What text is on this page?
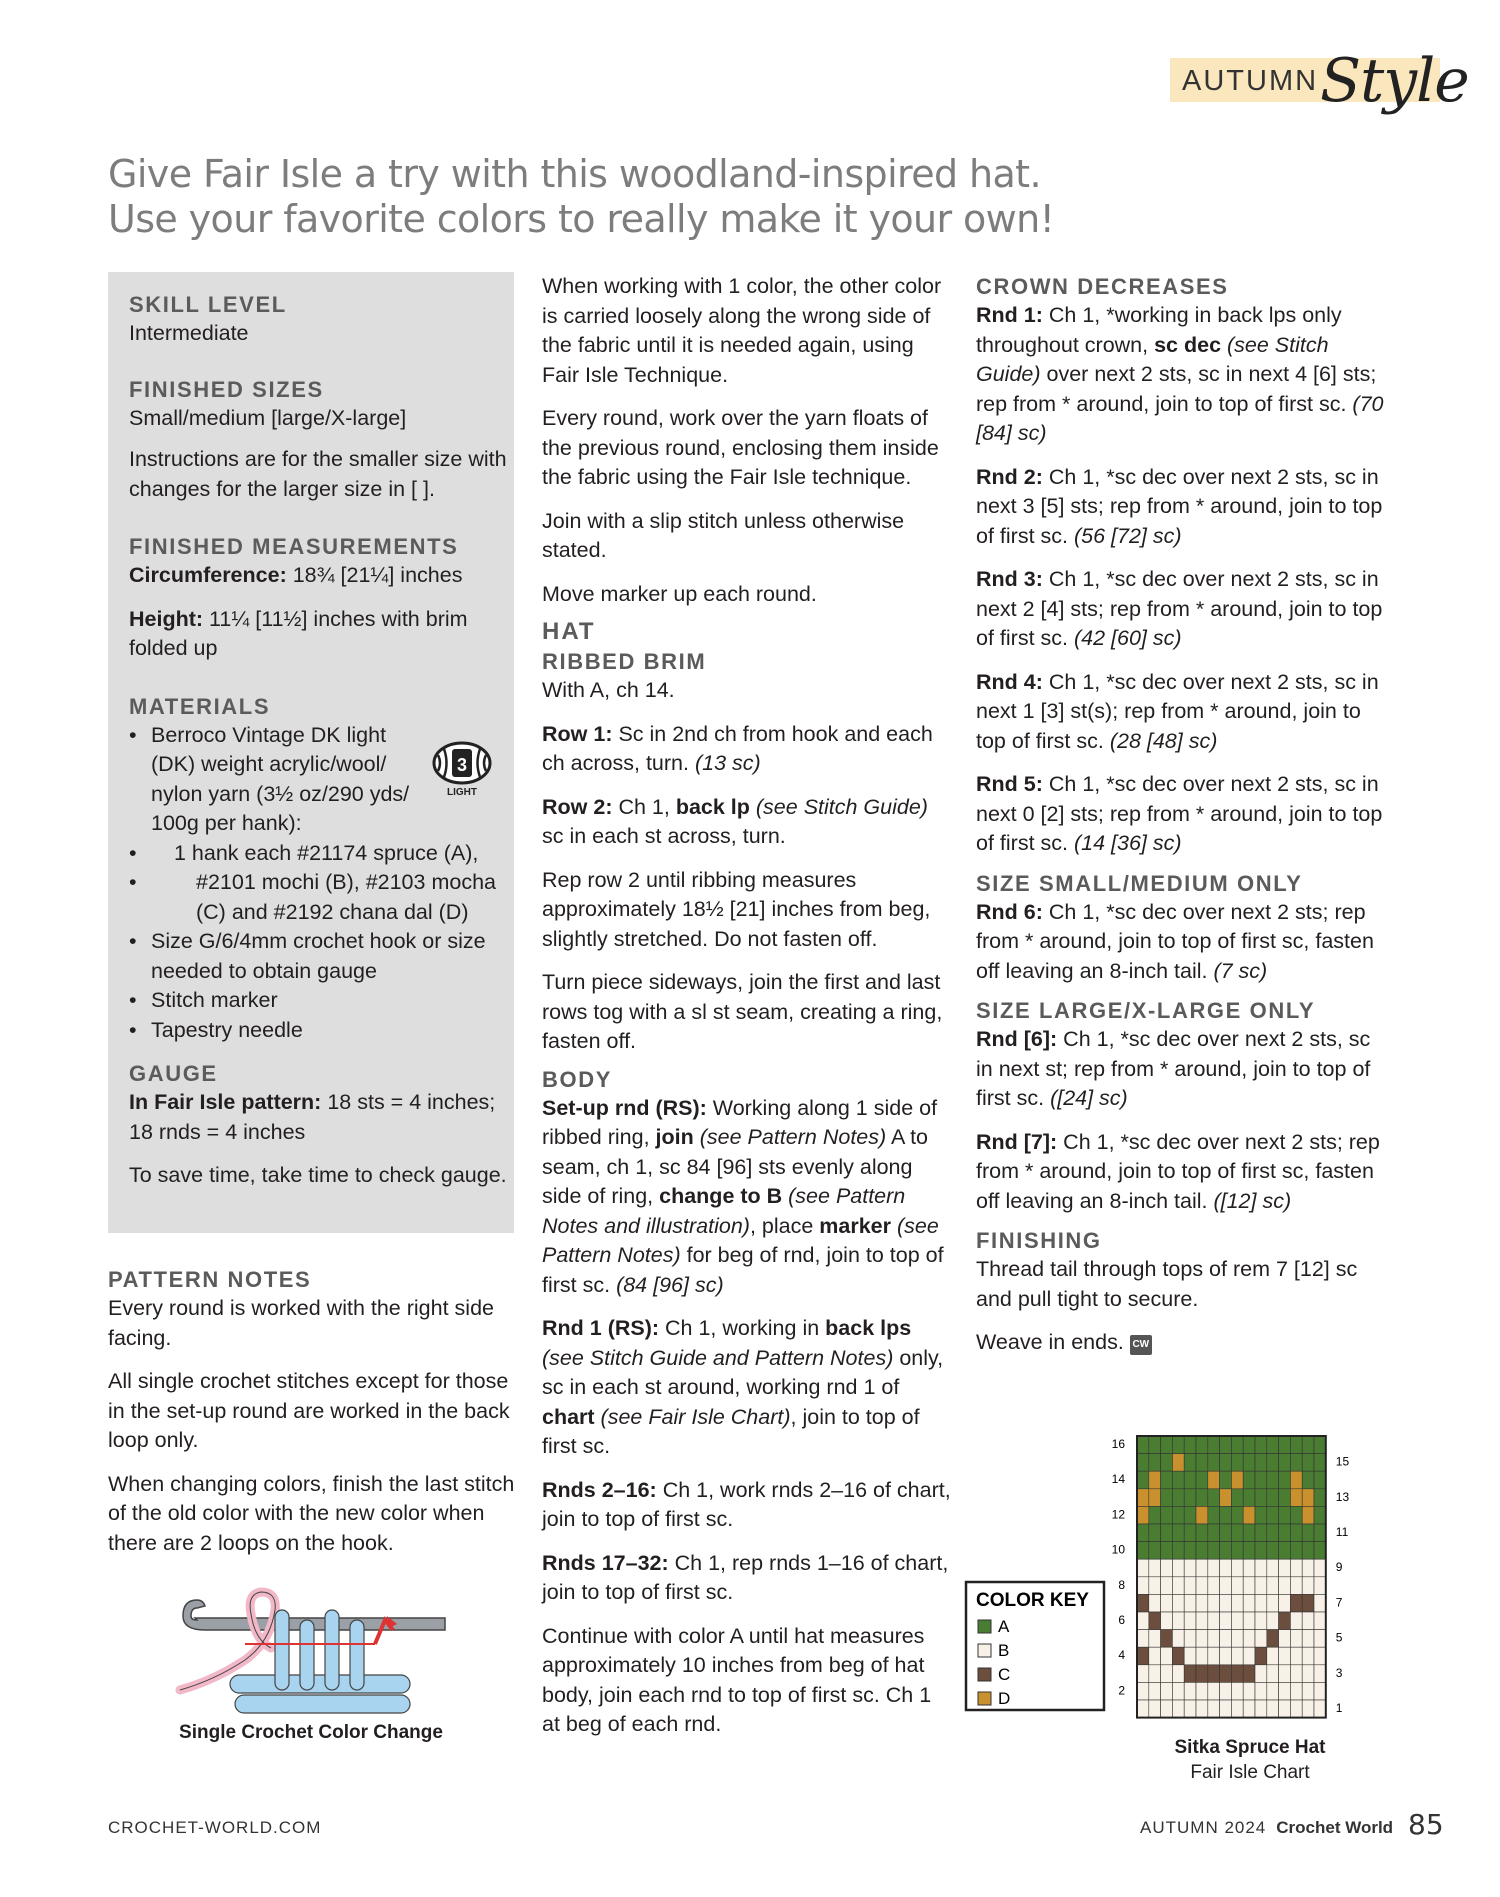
AUTUMN Style
Give Fair Isle a try with this woodland-inspired hat.
Use your favorite colors to really make it your own!
SKILL LEVEL

Intermediate

FINISHED SIZES

Small/medium [large/X-large]

Instructions are for the smaller size with changes for the larger size in [ ].

FINISHED MEASUREMENTS

Circumference: 18¾ [21¼] inches

Height: 11¼ [11½] inches with brim folded up

MATERIALS
• Berroco Vintage DK light (DK) weight acrylic/wool/ nylon yarn (3½ oz/290 yds/ 100g per hank):
• 1 hank each #21174 spruce (A),
• #2101 mochi (B), #2103 mocha (C) and #2192 chana dal (D)
• Size G/6/4mm crochet hook or size needed to obtain gauge
• Stitch marker
• Tapestry needle
GAUGE

In Fair Isle pattern: 18 sts = 4 inches; 18 rnds = 4 inches

To save time, take time to check gauge.

3
LIGHT
PATTERN NOTES

Every round is worked with the right side facing.

All single crochet stitches except for those in the set-up round are worked in the back loop only.

When changing colors, finish the last stitch of the old color with the new color when there are 2 loops on the hook.

Single Crochet Color Change

When working with 1 color, the other color is carried loosely along the wrong side of the fabric until it is needed again, using Fair Isle Technique.

Every round, work over the yarn floats of the previous round, enclosing them inside the fabric using the Fair Isle technique.

Join with a slip stitch unless otherwise stated.

Move marker up each round.

HAT
RIBBED BRIM

With A, ch 14.

Row 1: Sc in 2nd ch from hook and each ch across, turn. (13 sc)

Row 2: Ch 1, back lp (see Stitch Guide) sc in each st across, turn.

Rep row 2 until ribbing measures approximately 18½ [21] inches from beg, slightly stretched. Do not fasten off.

Turn piece sideways, join the first and last rows tog with a sl st seam, creating a ring, fasten off.

BODY

Set-up rnd (RS): Working along 1 side of ribbed ring, join (see Pattern Notes) A to seam, ch 1, sc 84 [96] sts evenly along side of ring, change to B (see Pattern Notes and illustration), place marker (see Pattern Notes) for beg of rnd, join to top of first sc. (84 [96] sc)

Rnd 1 (RS): Ch 1, working in back lps (see Stitch Guide and Pattern Notes) only, sc in each st around, working rnd 1 of chart (see Fair Isle Chart), join to top of first sc.

Rnds 2–16: Ch 1, work rnds 2–16 of chart, join to top of first sc.

Rnds 17–32: Ch 1, rep rnds 1–16 of chart, join to top of first sc.

Continue with color A until hat measures approximately 10 inches from beg of hat body, join each rnd to top of first sc. Ch 1 at beg of each rnd.

CROWN DECREASES

Rnd 1: Ch 1, *working in back lps only throughout crown, sc dec (see Stitch Guide) over next 2 sts, sc in next 4 [6] sts; rep from * around, join to top of first sc. (70 [84] sc)

Rnd 2: Ch 1, *sc dec over next 2 sts, sc in next 3 [5] sts; rep from * around, join to top of first sc. (56 [72] sc)

Rnd 3: Ch 1, *sc dec over next 2 sts, sc in next 2 [4] sts; rep from * around, join to top of first sc. (42 [60] sc)

Rnd 4: Ch 1, *sc dec over next 2 sts, sc in next 1 [3] st(s); rep from * around, join to top of first sc. (28 [48] sc)

Rnd 5: Ch 1, *sc dec over next 2 sts, sc in next 0 [2] sts; rep from * around, join to top of first sc. (14 [36] sc)

SIZE SMALL/MEDIUM ONLY

Rnd 6: Ch 1, *sc dec over next 2 sts; rep from * around, join to top of first sc, fasten off leaving an 8-inch tail. (7 sc)

SIZE LARGE/X-LARGE ONLY

Rnd [6]: Ch 1, *sc dec over next 2 sts, sc in next st; rep from * around, join to top of first sc. ([24] sc)

Rnd [7]: Ch 1, *sc dec over next 2 sts; rep from * around, join to top of first sc, fasten off leaving an 8-inch tail. ([12] sc)

FINISHING

Thread tail through tops of rem 7 [12] sc and pull tight to secure.

Weave in ends. CW

16
14
12
10
8
6
4
2
15
13
11
9
7
5
3
1
COLOR KEY
A
B
C
D
Sitka Spruce Hat
Fair Isle Chart
CROCHET-WORLD.COM	AUTUMN 2024 Crochet World 85
